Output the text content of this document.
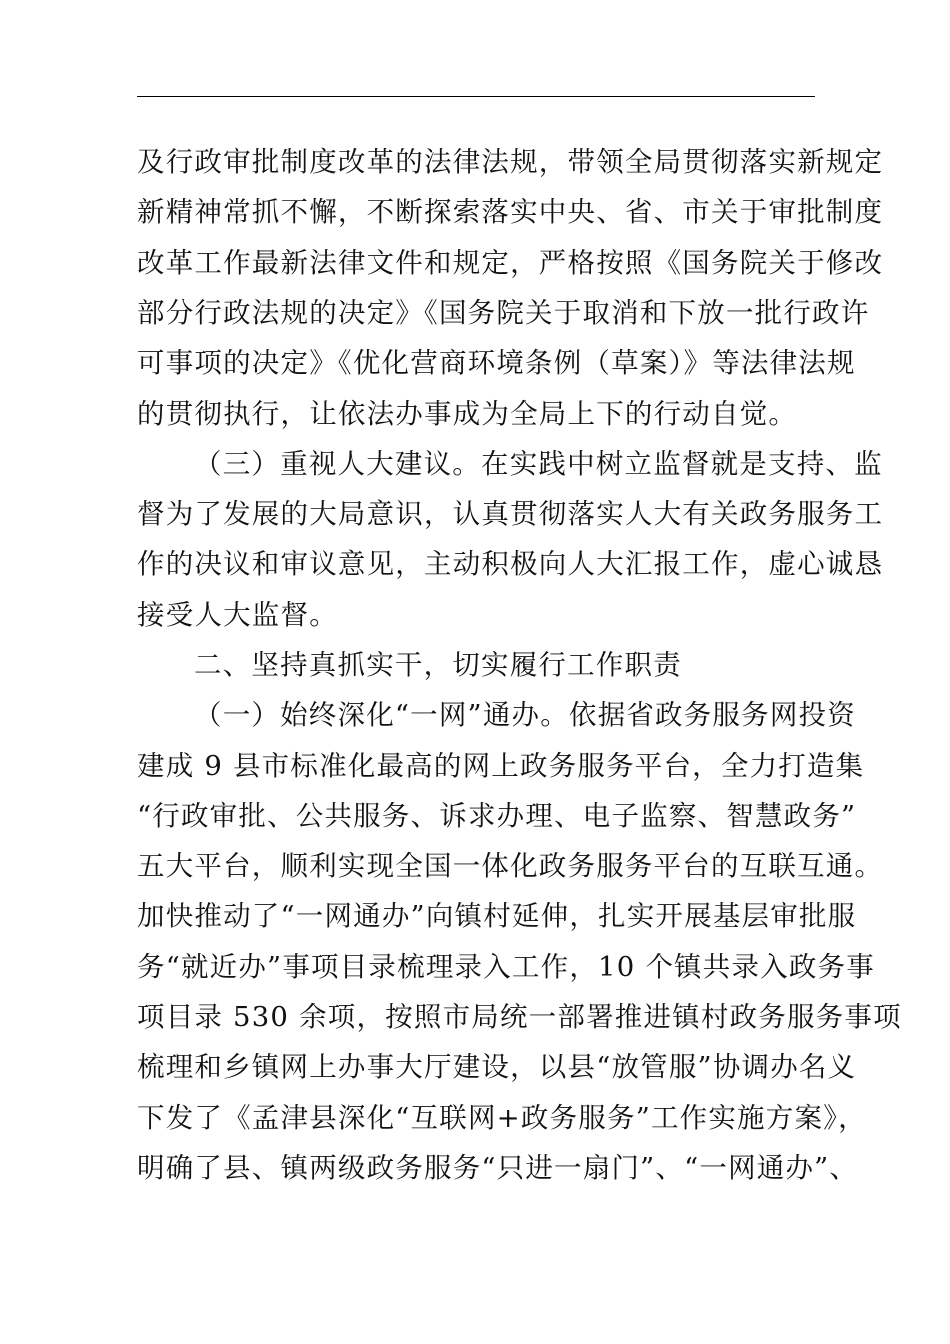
及行政审批制度改革的法律法规，带领全局贯彻落实新规定
新精神常抓不懈，不断探索落实中央、省、市关于审批制度
改革工作最新法律文件和规定，严格按照《国务院关于修改
部分行政法规的决定》《国务院关于取消和下放一批行政许
可事项的决定》《优化营商环境条例（草案）》等法律法规
的贯彻执行，让依法办事成为全局上下的行动自觉。
（三）重视人大建议。在实践中树立监督就是支持、监
督为了发展的大局意识，认真贯彻落实人大有关政务服务工
作的决议和审议意见，主动积极向人大汇报工作，虚心诚恳
接受人大监督。
二、坚持真抓实干，切实履行工作职责
（一）始终深化“一网”通办。依据省政务服务网投资
建成 9 县市标准化最高的网上政务服务平台，全力打造集
“行政审批、公共服务、诉求办理、电子监察、智慧政务”
五大平台，顺利实现全国一体化政务服务平台的互联互通。
加快推动了“一网通办”向镇村延伸，扎实开展基层审批服
务“就近办”事项目录梳理录入工作，10 个镇共录入政务事
项目录 530 余项，按照市局统一部署推进镇村政务服务事项
梳理和乡镇网上办事大厅建设，以县“放管服”协调办名义
下发了《孟津县深化“互联网+政务服务”工作实施方案》，
明确了县、镇两级政务服务“只进一扇门”、“一网通办”、
